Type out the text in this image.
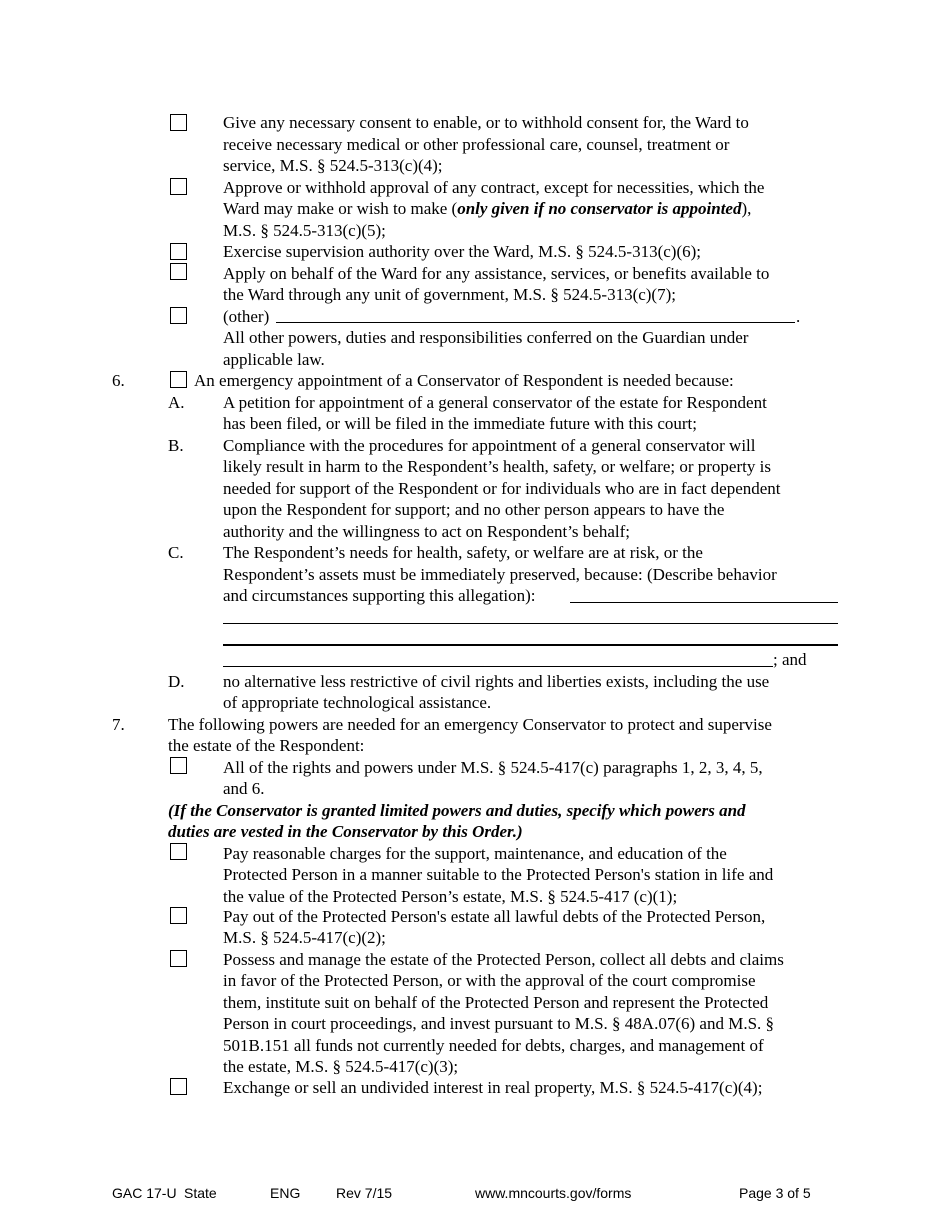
Give any necessary consent to enable, or to withhold consent for, the Ward to
receive necessary medical or other professional care, counsel, treatment or
service, M.S. § 524.5-313(c)(4);
Approve or withhold approval of any contract, except for necessities, which the
Ward may make or wish to make (only given if no conservator is appointed),
M.S. § 524.5-313(c)(5);
Exercise supervision authority over the Ward, M.S. § 524.5-313(c)(6);
Apply on behalf of the Ward for any assistance, services, or benefits available to
the Ward through any unit of government, M.S. § 524.5-313(c)(7);
(other)	.
All other powers, duties and responsibilities conferred on the Guardian under
applicable law.
6.	An emergency appointment of a Conservator of Respondent is needed because:
A. A petition for appointment of a general conservator of the estate for Respondent
has been filed, or will be filed in the immediate future with this court;
B. Compliance with the procedures for appointment of a general conservator will
likely result in harm to the Respondent’s health, safety, or welfare; or property is
needed for support of the Respondent or for individuals who are in fact dependent
upon the Respondent for support; and no other person appears to have the
authority and the willingness to act on Respondent’s behalf;
C. The Respondent’s needs for health, safety, or welfare are at risk, or the
Respondent’s assets must be immediately preserved, because: (Describe behavior
and circumstances supporting this allegation):
; and
D. no alternative less restrictive of civil rights and liberties exists, including the use
of appropriate technological assistance.
7.	The following powers are needed for an emergency Conservator to protect and supervise
the estate of the Respondent:
All of the rights and powers under M.S. § 524.5-417(c) paragraphs 1, 2, 3, 4, 5,
and 6.
(If the Conservator is granted limited powers and duties, specify which powers and
duties are vested in the Conservator by this Order.)
Pay reasonable charges for the support, maintenance, and education of the
Protected Person in a manner suitable to the Protected Person's station in life and
the value of the Protected Person’s estate, M.S. § 524.5-417 (c)(1);
Pay out of the Protected Person's estate all lawful debts of the Protected Person,
M.S. § 524.5-417(c)(2);
Possess and manage the estate of the Protected Person, collect all debts and claims
in favor of the Protected Person, or with the approval of the court compromise
them, institute suit on behalf of the Protected Person and represent the Protected
Person in court proceedings, and invest pursuant to M.S. § 48A.07(6) and M.S. §
501B.151 all funds not currently needed for debts, charges, and management of
the estate, M.S. § 524.5-417(c)(3);
Exchange or sell an undivided interest in real property, M.S. § 524.5-417(c)(4);
GAC 17-U State	ENG	Rev 7/15	www.mncourts.gov/forms	Page 3 of 5
